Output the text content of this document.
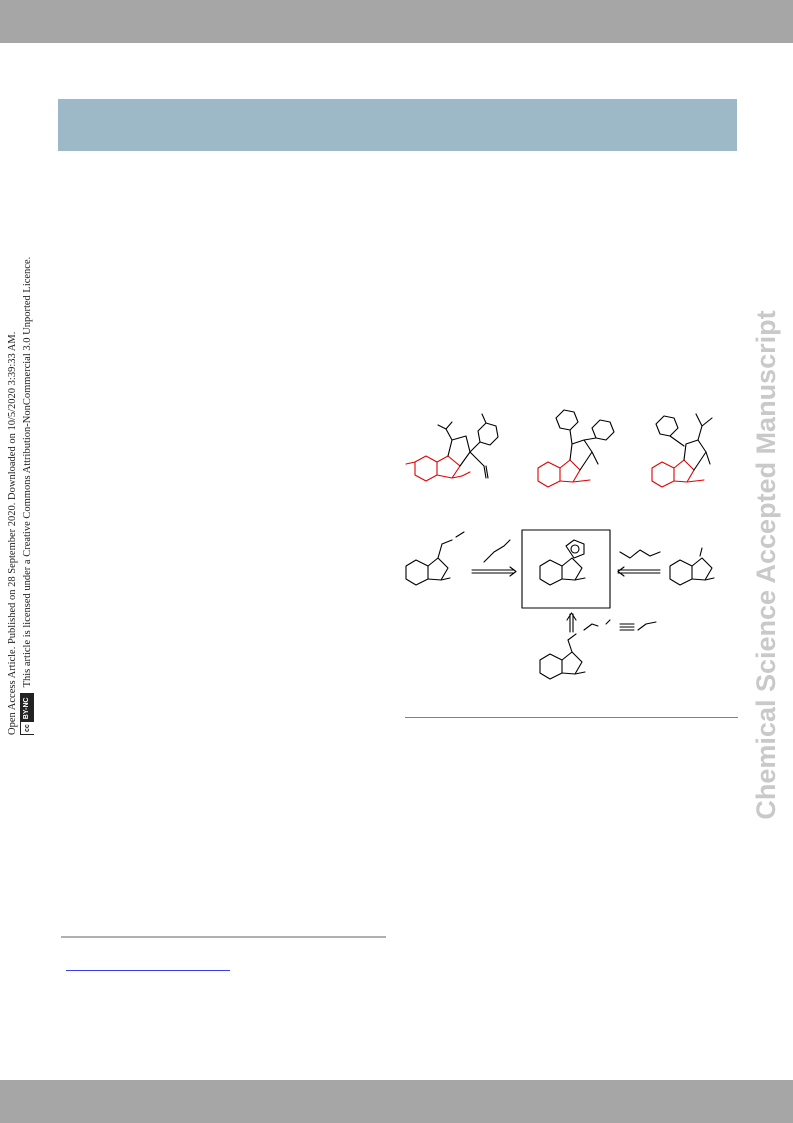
Open Access Article. Published on 28 September 2020. Downloaded on 10/5/2020 3:39:33 AM. cc
BY-NC
This article is licensed under a Creative Commons Attribution-NonCommercial 3.0 Unported Licence.	Chemical Science Accepted Manuscript
